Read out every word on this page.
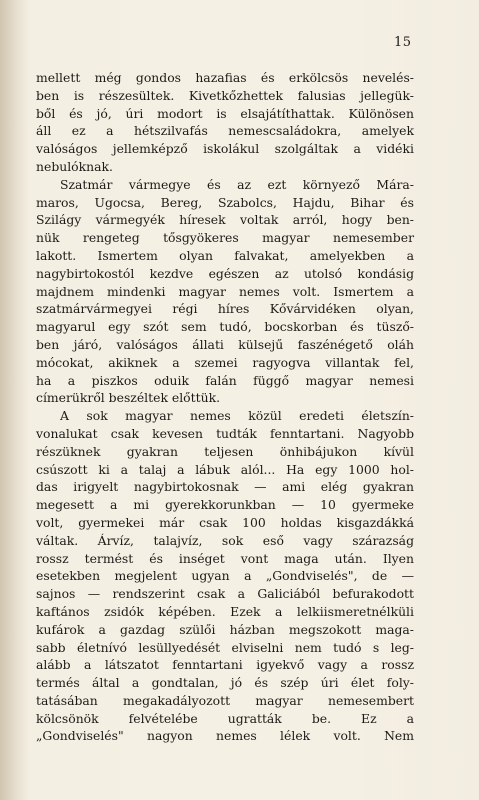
15
mellett még gondos hazafias és erkölcsös nevelés-
ben is részesültek. Kivetkőzhettek falusias jellegük-
ből és jó, úri modort is elsajátíthattak. Különösen
áll ez a hétszilvafás nemescsaládokra, amelyek
valóságos jellemképző iskolákul szolgáltak a vidéki
nebulóknak.
Szatmár vármegye és az ezt környező Mára-
maros, Ugocsa, Bereg, Szabolcs, Hajdu, Bihar és
Szilágy vármegyék híresek voltak arról, hogy ben-
nük rengeteg tősgyökeres magyar nemesember
lakott. Ismertem olyan falvakat, amelyekben a
nagybirtokostól kezdve egészen az utolsó kondásig
majdnem mindenki magyar nemes volt. Ismertem a
szatmárvármegyei régi híres Kővárvidéken olyan,
magyarul egy szót sem tudó, bocskorban és tüsző-
ben járó, valóságos állati külsejű faszénégető oláh
mócokat, akiknek a szemei ragyogva villantak fel,
ha a piszkos oduik falán függő magyar nemesi
címerükről beszéltek előttük.
A sok magyar nemes közül eredeti életszín-
vonalukat csak kevesen tudták fenntartani. Nagyobb
részüknek gyakran teljesen önhibájukon kívül
csúszott ki a talaj a lábuk alól... Ha egy 1000 hol-
das irigyelt nagybirtokosnak — ami elég gyakran
megesett a mi gyerekkorunkban — 10 gyermeke
volt, gyermekei már csak 100 holdas kisgazdákká
váltak. Árvíz, talajvíz, sok eső vagy szárazság
rossz termést és inséget vont maga után. Ilyen
esetekben megjelent ugyan a „Gondviselés", de —
sajnos — rendszerint csak a Galiciából befurakodott
kaftános zsidók képében. Ezek a lelkiismeretnélküli
kufárok a gazdag szülői házban megszokott maga-
sabb életnívó lesüllyedését elviselni nem tudó s leg-
alább a látszatot fenntartani igyekvő vagy a rossz
termés által a gondtalan, jó és szép úri élet foly-
tatásában megakadályozott magyar nemesembert
kölcsönök felvételébe ugratták be. Ez a
„Gondviselés" nagyon nemes lélek volt. Nem
